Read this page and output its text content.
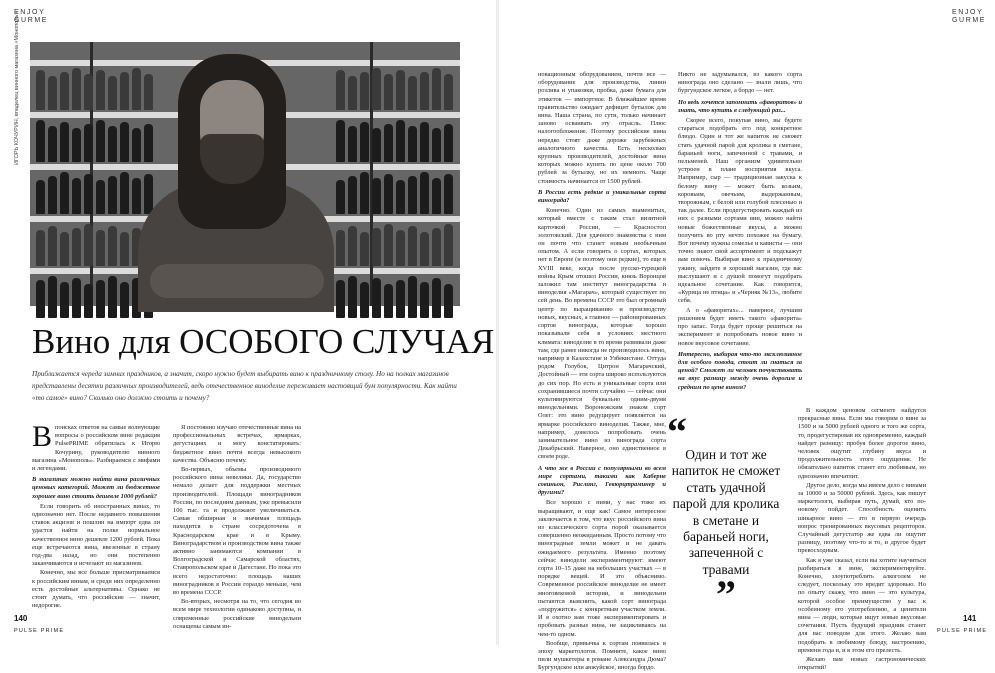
ENJOY
GURME
ENJOY
GURME
ИГОРЬ КОЧУРИН, владелец винного магазина «Монополь»
Вино для ОСОБОГО СЛУЧАЯ
Приближается череда зимних праздников, а значит, скоро нужно будет выбирать вино к праздничному столу. Но на полках магазинов представлены десятки различных производителей, ведь отечественное виноделие переживает настоящий бум популярности. Как найти «то самое» вино? Сколько оно должно стоить и почему?

Впоисках ответов на самые волнующие вопросы о российском вине редакция PulsePRIME обратилась к Игорю Кочурину, руководителю винного магазина «Монополь». Разбираемся с мифами и легендами.

В магазинах можно найти вина различных ценовых категорий. Может ли бюджетное хорошее вино стоить дешевле 1000 рублей?

Если говорить об иностранных винах, то однозначно нет. После недавнего повышения ставок акцизов и пошлин на импорт едва ли удастся найти на полке нормальное качественное вино дешевле 1200 рублей. Пока еще встречаются вина, ввезенные в страну год-два назад, но они постепенно заканчиваются и исчезают из магазинов.

Конечно, мы все больше присматриваемся к российским винам, и среди них определенно есть достойные альтернативы. Однако не стоит думать, что российские — значит, недорогие.

Я постоянно изучаю отечественные вина на профессиональных встречах, ярмарках, дегустациях и могу констатировать: бюджетное вино почти всегда невысокого качества. Объясню почему.

Во-первых, объемы производимого российского вина невелики. Да, государство немало делает для поддержки местных производителей. Площади виноградников России, по последним данным, уже превысили 100 тыс. га и продолжают увеличиваться. Самая обширная и значимая площадь находится в стране сосредоточена в Краснодарском крае и в Крыму. Виноградарством и производством вина также активно занимаются компании в Волгоградской и Самарской областях, Ставропольском крае и Дагестане. Но пока это всего недостаточно: площадь наших виноградников в России гораздо меньше, чем во времена СССР.

Во-вторых, несмотря на то, что сегодня во всем мире технологии одинаково доступны, и современные российские винодельни оснащены самым ин-

новационным оборудованием, почти все — оборудование для производства, линии розлива и упаковки, пробка, даже бумага для этикеток — импортное. В ближайшее время правительство ожидает дефицит бутылок для вина. Наша страна, по сути, только начинает заново осваивать эту отрасль. Плюс налогообложение. Поэтому российские вина нередко стоят даже дороже зарубежных аналогичного качества. Есть несколько крупных производителей, достойные вина которых можно купить по цене около 700 рублей за бутылку, но их немного. Чаще стоимость начинается от 1500 рублей.

В России есть редкие и уникальные сорта винограда?

Конечно. Один из самых знаменитых, который вместе с таким стал визитной карточкой России, — Красностоп золотовский. Для удачного знакомства с ним он почти что станет новым необычным опытом. А если говорить о сортах, которых нет в Европе (и поэтому они редкие), то еще в XVIII веке, когда после русско-турецкой войны Крым отошел России, князь Воронцов заложил там институт виноградарства и виноделия «Магарач», который существует по сей день. Во времена СССР это был огромный центр по выращиванию и производству новых, вкусных, а главное — районированных сортов винограда, которые хорошо показывали себя в условиях местного климата: виноделие в то время развивали даже там, где ранее никогда не производилось вино, например в Казахстане и Узбекистане. Оттуда родом Голубок, Цитрон Магарачский, Достойный — эти сорта широко используются до сих пор. Но есть и уникальные сорта или сохранившиеся почти случайно — сейчас они культивируются буквально одним-двумя винодельнями. Воронежским знаком сорт Олег: это вино редуцирует появляется на ярмарке российского виноделия. Также, мне, например, довелось попробовать очень занимательное вино из винограда сорта Декабрьский. Наверное, оно единственное в своем роде.

А что же в России с популярными во всем мире сортами, такими как Каберне совиньон, Рислинг, Гевюрцтраминер и другими?

Все хорошо с ними, у нас тоже их выращивают, и еще как! Самое интересное заключается в том, что вкус российского вина из классического сорта порой оказывается совершенно неожиданным. Просто потому что виноградные земли может и не давать ожидаемого результата. Именно поэтому сейчас винодели экспериментируют: имеют сорта 10–15 даже на небольших участках — в порядке вещей. И это объяснимо. Современное российское виноделие не имеет многовековой истории, и винодельни пытаются выяснить, какой сорт винограда «подружится» с конкретным участком земли. И я охотно вам тоже экспериментировать и пробовать разные вина, не зацикливаясь на чем-то одном.

Вообще, привычка к сортам появилась в эпоху маркетологов. Помните, какое вино пили мушкетеры в романе Александра Дюма? Бургундское или анжуйское, иногда бордо.

Никто не задумывался, из какого сорта винограда оно сделано — знали лишь, что бургундское легкое, а бордо — нет.

Но ведь хочется запомнить «фаворитов» и знать, что купить в следующий раз...

Скорее всего, покупая вино, вы будете стараться подобрать его под конкретное блюдо. Один и тот же напиток не сможет стать удачной парой для кролика в сметане, бараньей ноги, запеченной с травами, и пельменей. Наш организм удивительно устроен в плане восприятия вкуса. Например, сыр — традиционная закуска к белому вину — может быть козьим, коровьим, овечьим, выдержанным, творожным, с белой или голубой плесенью и так далее. Если продегустировать каждый из них с разными сортами вин, можно найти новые божественные вкусы, а можно получить во рту нечто похожее на бумагу. Вот почему нужны сомелье и кависты — они точно знают свой ассортимент и подскажут вам помочь. Выбирая вино к праздничному ужину, зайдите в хороший магазин, где вас выслушают и с душой помогут подобрать идеальное сочетание. Как говорится, «Курица не птица» и «Черняк №13», любите себя.

А о «фаворитах»... наверное, лучшим решением будет иметь такого «фаворита» про запас. Тогда будет проще решиться на эксперимент и попробовать новое вино и новое вкусовое сочетание.

Интересно, выбирая что-то эксклюзивное для особого повода, стоит ли гнаться за ценой? Сможет ли человек почувствовать на вкус разницу между очень дорогим и средним по цене вином?

В каждом ценовом сегменте найдутся прекрасные вина. Если мы говорим о вине за 1500 и за 5000 рублей одного и того же сорта, то, продегустировав их одновременно, каждый найдет разницу: пробуя более дорогое вино, человек ощутит глубину вкуса и продолжительность этого ощущения. Не обязательно напиток станет его любимым, но однозначно впечатлит.

Другое дело, когда мы имеем дело с винами за 10000 и за 50000 рублей. Здесь, как пишут маркетологи, выбирая путь, думай, кто по-новому пойдет. Способность оценить шикарное вино — это в первую очередь вопрос тренированных вкусовых рецепторов. Случайный дегустатор же едва ли ощутит разницу, поэтому что-то и то, и другое будет превосходным.

Как я уже сказал, если вы хотите научиться разбираться в вине, экспериментируйте. Конечно, злоупотреблять алкоголем не следует, поскольку это вредит здоровью. Но по опыту скажу, что вино — это культура, которой особое преимущество у вас к особенному его употреблению, а ценители вина — люди, которые ищут новые вкусовые сочетания. Пусть будущий праздник станет для вас поводом для этого. Желаю вам подобрать к любимому блюду, настроению, времени года и, и в этом его прелесть.

Желаю вам новых гастрономических открытий!

“
Один и тот же напиток не сможет стать удачной парой для кролика в сметане и бараньей ноги, запеченной с травами
”
140
PULSE PRIME
141
PULSE PRIME
